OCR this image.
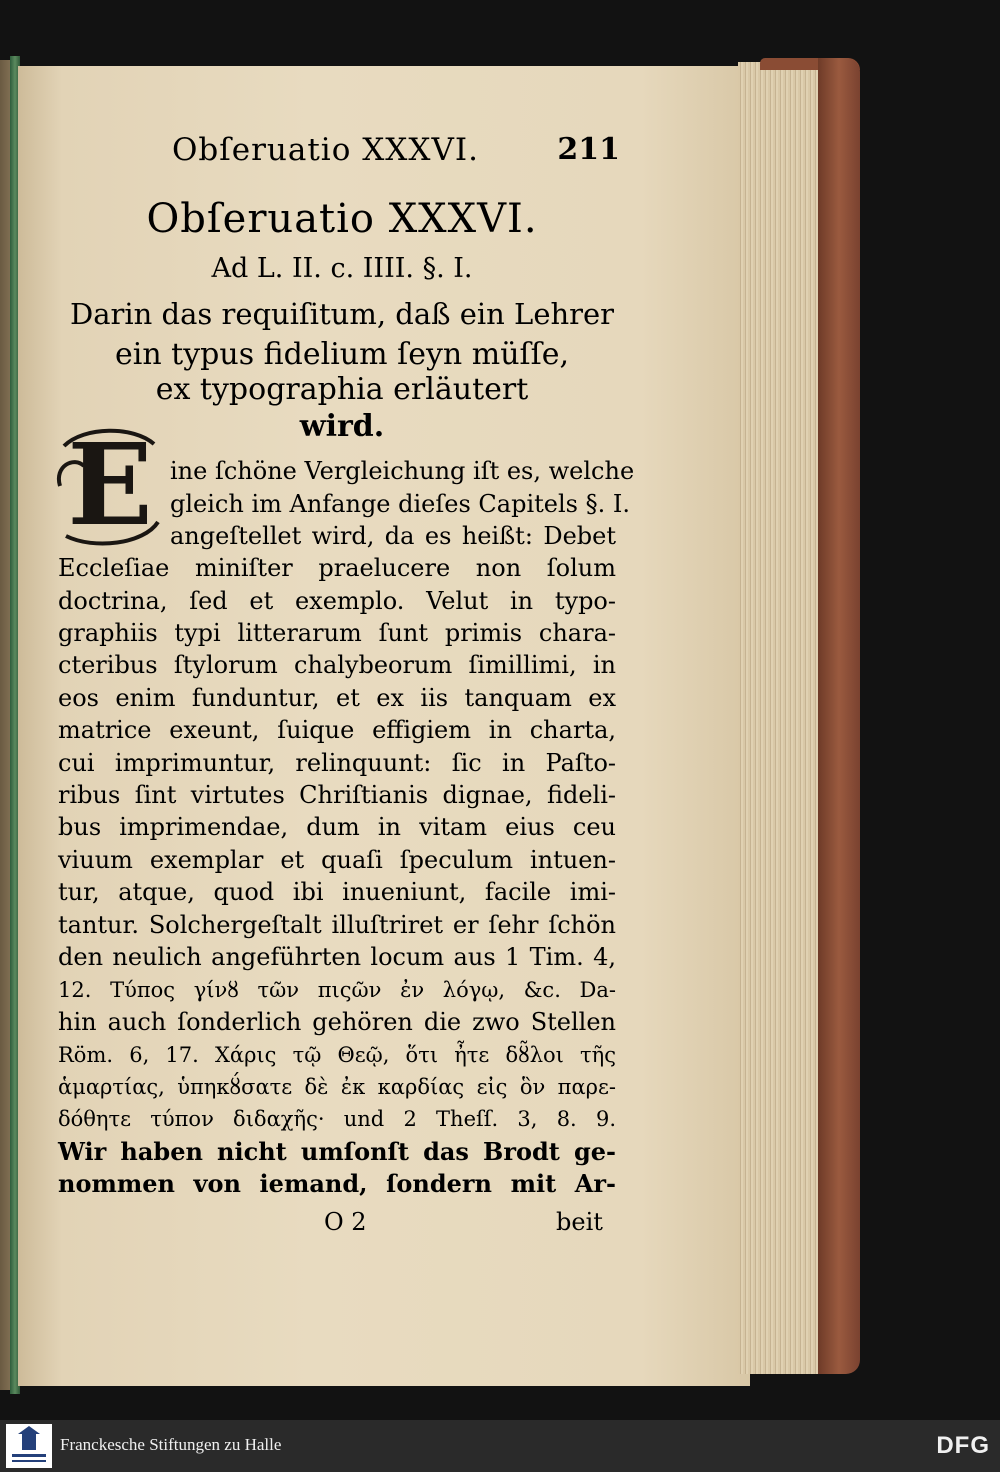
Obſeruatio XXXVI.	211
Obſeruatio XXXVI.
Ad L. II. c. IIII. §. I.
Darin das requiſitum, daß ein Lehrer
ein typus fidelium ſeyn müſſe,
ex typographia erläutert
wird.
E ine ſchöne Vergleichung iſt es, welche
gleich im Anfange dieſes Capitels §. I.
angeſtellet wird, da es heißt: Debet
Eccleſiae miniſter praelucere non ſolum
doctrina, ſed et exemplo. Velut in typo-
graphiis typi litterarum ſunt primis chara-
cteribus ſtylorum chalybeorum ſimillimi, in
eos enim funduntur, et ex iis tanquam ex
matrice exeunt, ſuique effigiem in charta,
cui imprimuntur, relinquunt: ſic in Paſto-
ribus ſint virtutes Chriſtianis dignae, fideli-
bus imprimendae, dum in vitam eius ceu
viuum exemplar et quaſi ſpeculum intuen-
tur, atque, quod ibi inueniunt, facile imi-
tantur. Solchergeſtalt illuſtriret er ſehr ſchön
den neulich angeführten locum aus 1 Tim. 4,
12. Τύπος γίνȣ τῶν πιςῶν ἐν λόγῳ, &c. Da-
hin auch ſonderlich gehören die zwo Stellen
Röm. 6, 17. Χάρις τῷ Θεῷ, ὅτι ἦτε δȣ̃λοι τῆς
ἁμαρτίας, ὑπηκȣ́σατε δὲ ἐκ καρδίας εἰς ὃν παρε-
δόθητε τύπον διδαχῆς· und 2 Theſſ. 3, 8. 9.
Wir haben nicht umſonſt das Brodt ge-
nommen von iemand, ſondern mit Ar-
O 2	beit
Franckesche Stiftungen zu Halle	DFG
